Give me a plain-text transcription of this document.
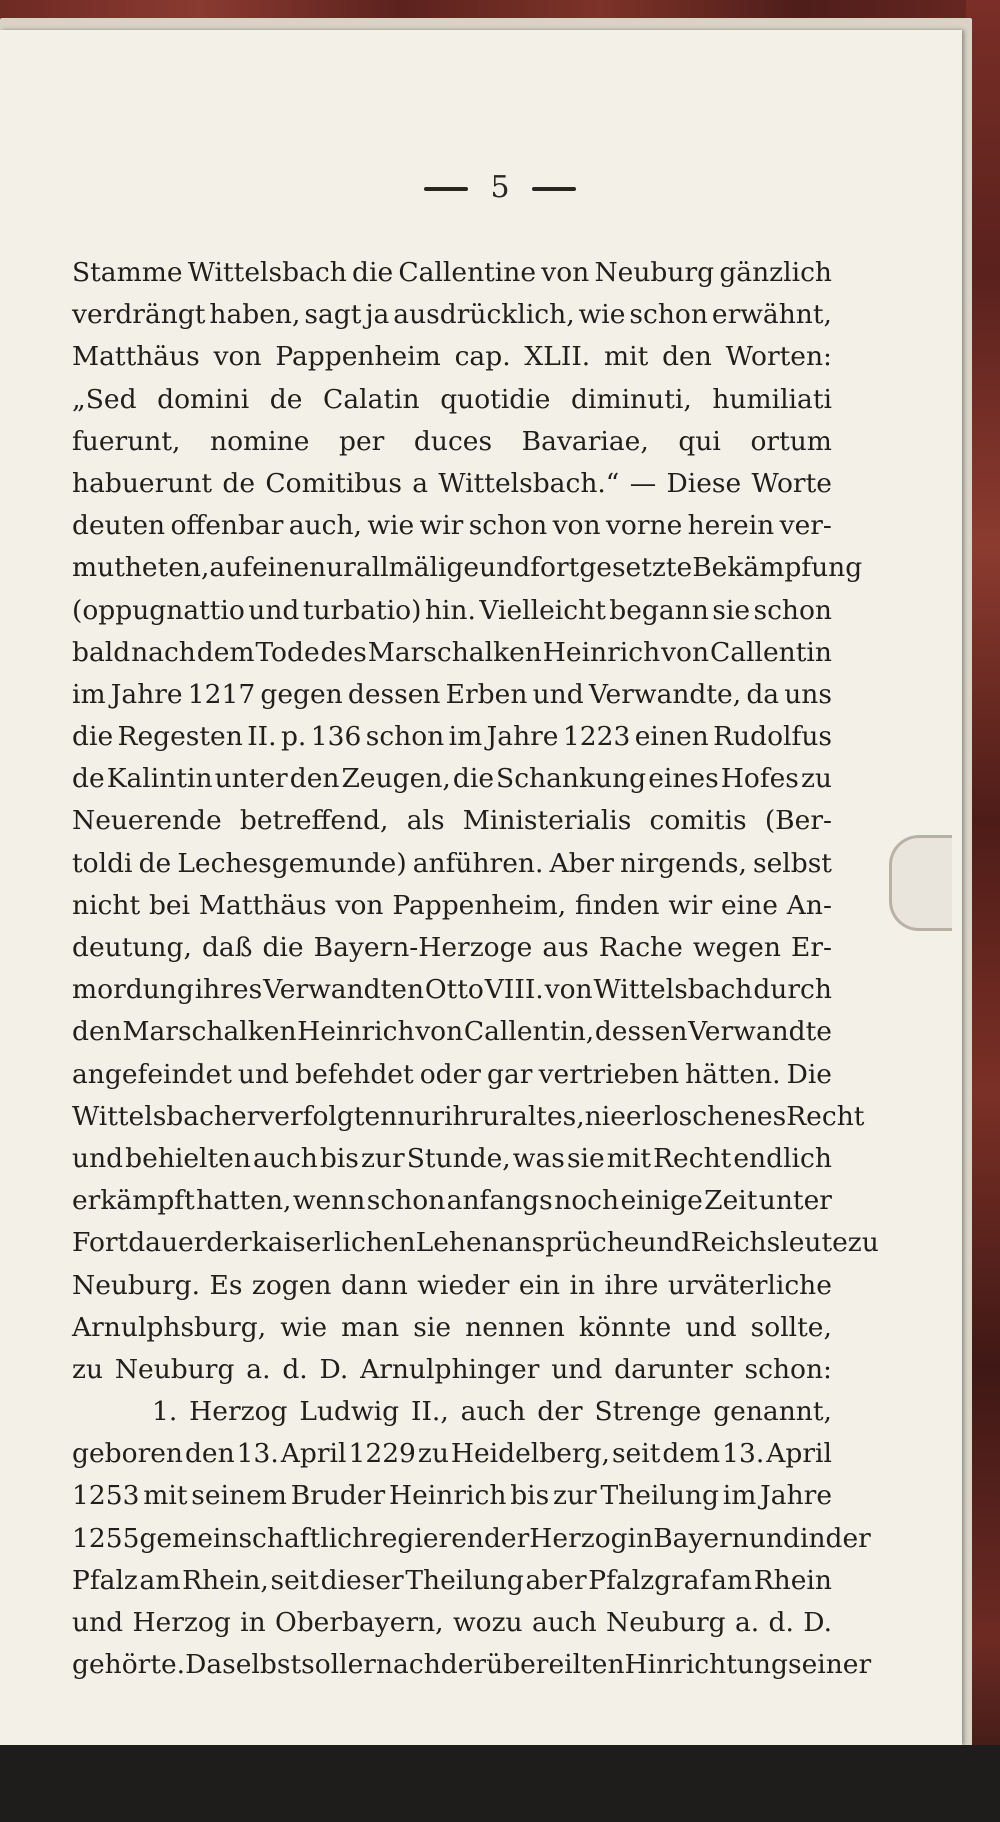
5
Stamme Wittelsbach die Callentine von Neuburg gänzlich
verdrängt haben, sagt ja ausdrücklich, wie schon erwähnt,
Matthäus von Pappenheim cap. XLII. mit den Worten:
„Sed domini de Calatin quotidie diminuti, humiliati
fuerunt, nomine per duces Bavariae, qui ortum
habuerunt de Comitibus a Wittelsbach.“ — Diese Worte
deuten offenbar auch, wie wir schon von vorne herein ver-
mutheten, auf eine nur allmälige und fortgesetzte Bekämpfung
(oppugnattio und turbatio) hin. Vielleicht begann sie schon
bald nach dem Tode des Marschalken Heinrich von Callentin
im Jahre 1217 gegen dessen Erben und Verwandte, da uns
die Regesten II. p. 136 schon im Jahre 1223 einen Rudolfus
de Kalintin unter den Zeugen, die Schankung eines Hofes zu
Neuerende betreffend, als Ministerialis comitis (Ber-
toldi de Lechesgemunde) anführen. Aber nirgends, selbst
nicht bei Matthäus von Pappenheim, finden wir eine An-
deutung, daß die Bayern-Herzoge aus Rache wegen Er-
mordung ihres Verwandten Otto VIII. von Wittelsbach durch
den Marschalken Heinrich von Callentin, dessen Verwandte
angefeindet und befehdet oder gar vertrieben hätten. Die
Wittelsbacher verfolgten nur ihr uraltes, nie erloschenes Recht
und behielten auch bis zur Stunde, was sie mit Recht endlich
erkämpft hatten, wenn schon anfangs noch einige Zeit unter
Fortdauer der kaiserlichen Lehenansprüche und Reichsleute zu
Neuburg. Es zogen dann wieder ein in ihre urväterliche
Arnulphsburg, wie man sie nennen könnte und sollte,
zu Neuburg a. d. D. Arnulphinger und darunter schon:
1. Herzog Ludwig II., auch der Strenge genannt,
geboren den 13. April 1229 zu Heidelberg, seit dem 13. April
1253 mit seinem Bruder Heinrich bis zur Theilung im Jahre
1255 gemeinschaftlich regierender Herzog in Bayern und in der
Pfalz am Rhein, seit dieser Theilung aber Pfalzgraf am Rhein
und Herzog in Oberbayern, wozu auch Neuburg a. d. D.
gehörte. Daselbst soll er nach der übereilten Hinrichtung seiner
